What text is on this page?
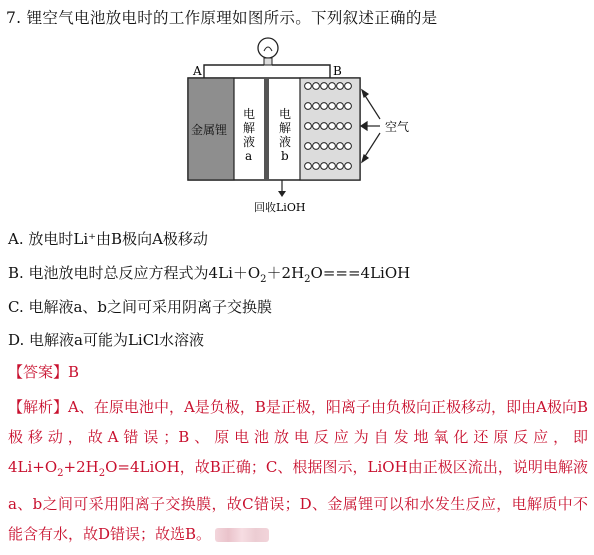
7. 锂空气电池放电时的工作原理如图所示。下列叙述正确的是
A	B
金属锂
电
解
液
a
电
解
液
b
空气
回收LiOH
A. 放电时Li⁺由B极向A极移动
B. 电池放电时总反应方程式为$4Li+O_2+2H_2O===4LiOH$
C. 电解液a、b之间可采用阴离子交换膜
D. 电解液a可能为LiCl水溶液
【答案】B
【解析】A、在原电池中，A是负极，B是正极，阳离子由负极向正极移动，即由A极向B极移动，故A错误；B、原电池放电反应为自发地氧化还原反应，即$4Li+O_2+2H_2O=4LiOH$，故B正确；C、根据图示，LiOH由正极区流出，说明电解液a、b之间可采用阳离子交换膜，故C错误；D、金属锂可以和水发生反应，电解质中不能含有水，故D错误；故选B。
